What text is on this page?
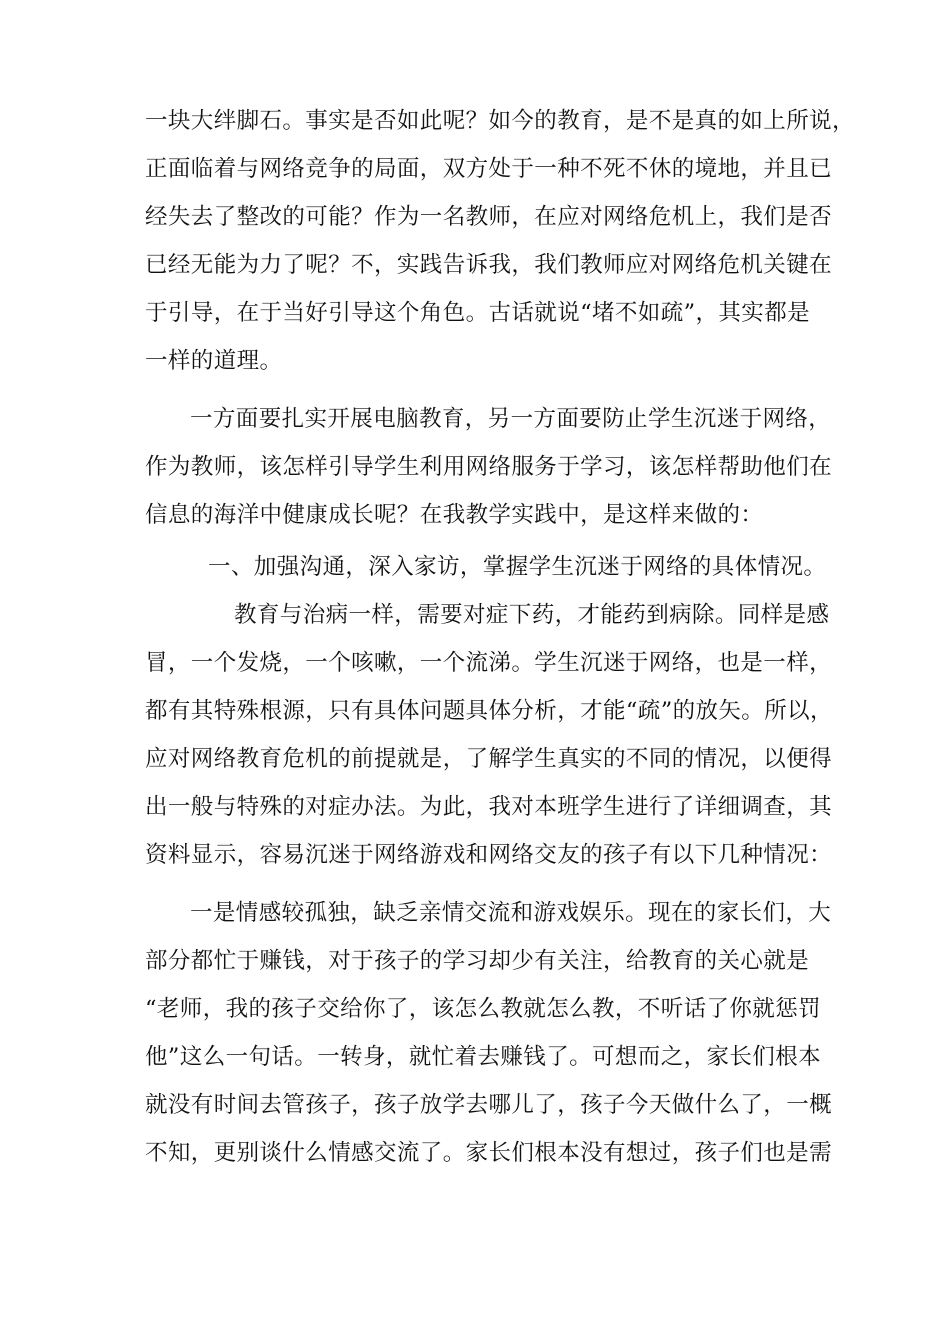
一块大绊脚石。事实是否如此呢？如今的教育，是不是真的如上所说，
正面临着与网络竞争的局面，双方处于一种不死不休的境地，并且已
经失去了整改的可能？作为一名教师，在应对网络危机上，我们是否
已经无能为力了呢？不，实践告诉我，我们教师应对网络危机关键在
于引导，在于当好引导这个角色。古话就说“堵不如疏”，其实都是
一样的道理。
一方面要扎实开展电脑教育，另一方面要防止学生沉迷于网络，
作为教师，该怎样引导学生利用网络服务于学习，该怎样帮助他们在
信息的海洋中健康成长呢？在我教学实践中，是这样来做的：
一、加强沟通，深入家访，掌握学生沉迷于网络的具体情况。
教育与治病一样，需要对症下药，才能药到病除。同样是感
冒，一个发烧，一个咳嗽，一个流涕。学生沉迷于网络，也是一样，
都有其特殊根源，只有具体问题具体分析，才能“疏”的放矢。所以，
应对网络教育危机的前提就是，了解学生真实的不同的情况，以便得
出一般与特殊的对症办法。为此，我对本班学生进行了详细调查，其
资料显示，容易沉迷于网络游戏和网络交友的孩子有以下几种情况：
一是情感较孤独，缺乏亲情交流和游戏娱乐。现在的家长们，大
部分都忙于赚钱，对于孩子的学习却少有关注，给教育的关心就是
“老师，我的孩子交给你了，该怎么教就怎么教，不听话了你就惩罚
他”这么一句话。一转身，就忙着去赚钱了。可想而之，家长们根本
就没有时间去管孩子，孩子放学去哪儿了，孩子今天做什么了，一概
不知，更别谈什么情感交流了。家长们根本没有想过，孩子们也是需
